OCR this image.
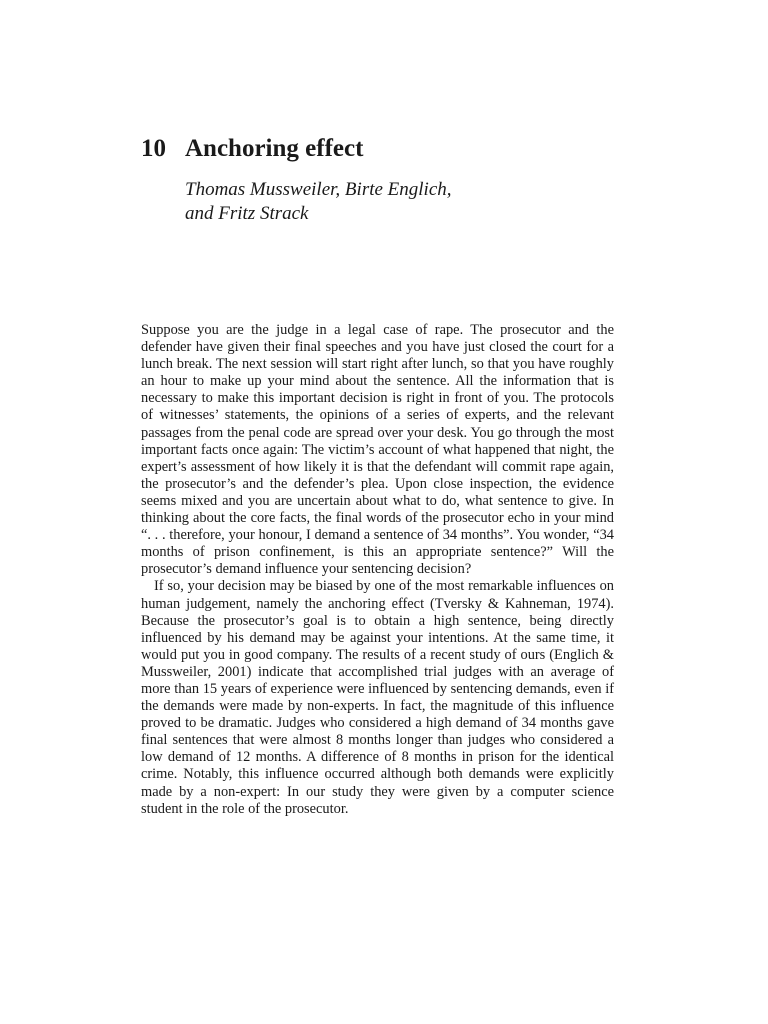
10 Anchoring effect
Thomas Mussweiler, Birte Englich,
and Fritz Strack

Suppose you are the judge in a legal case of rape. The prosecutor and the defender have given their final speeches and you have just closed the court for a lunch break. The next session will start right after lunch, so that you have roughly an hour to make up your mind about the sentence. All the information that is necessary to make this important decision is right in front of you. The protocols of witnesses’ statements, the opinions of a series of experts, and the relevant passages from the penal code are spread over your desk. You go through the most important facts once again: The victim’s account of what happened that night, the expert’s assessment of how likely it is that the defendant will commit rape again, the prosecutor’s and the defender’s plea. Upon close inspection, the evidence seems mixed and you are uncertain about what to do, what sentence to give. In thinking about the core facts, the final words of the prosecutor echo in your mind “. . . therefore, your honour, I demand a sentence of 34 months”. You wonder, “34 months of prison confinement, is this an appropriate sentence?” Will the prosecutor’s demand influence your sentencing decision?

If so, your decision may be biased by one of the most remarkable influences on human judgement, namely the anchoring effect (Tversky & Kahneman, 1974). Because the prosecutor’s goal is to obtain a high sentence, being directly influenced by his demand may be against your intentions. At the same time, it would put you in good company. The results of a recent study of ours (Englich & Mussweiler, 2001) indicate that accomplished trial judges with an average of more than 15 years of experience were influenced by sentencing demands, even if the demands were made by non-experts. In fact, the magnitude of this influence proved to be dramatic. Judges who considered a high demand of 34 months gave final sentences that were almost 8 months longer than judges who considered a low demand of 12 months. A difference of 8 months in prison for the identical crime. Notably, this influence occurred although both demands were explicitly made by a non-expert: In our study they were given by a computer science student in the role of the prosecutor.
